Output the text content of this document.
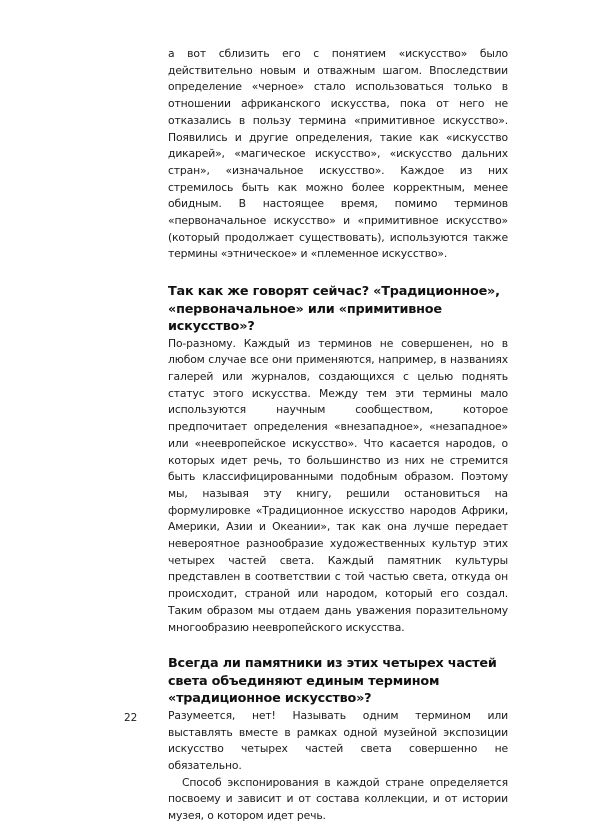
а вот сблизить его с понятием «искусство» было действительно новым и отважным шагом. Впоследствии определение «черное» стало использоваться только в отношении африканского искусства, пока от него не отказались в пользу термина «примитивное искусство». Появились и другие определения, такие как «искусство дикарей», «магическое искусство», «искусство дальних стран», «изначальное искусство». Каждое из них стремилось быть как можно более корректным, менее обидным. В настоящее время, помимо терминов «первоначальное искусство» и «примитивное искусство» (который продолжает существовать), используются также термины «этническое» и «племенное искусство».

Так как же говорят сейчас? «Традиционное», «первоначальное» или «примитивное искусство»?

По-разному. Каждый из терминов не совершенен, но в любом случае все они применяются, например, в названиях галерей или журналов, создающихся с целью поднять статус этого искусства. Между тем эти термины мало используются научным сообществом, которое предпочитает определения «внезападное», «незападное» или «неевропейское искусство». Что касается народов, о которых идет речь, то большинство из них не стремится быть классифицированными подобным образом. Поэтому мы, называя эту книгу, решили остановиться на формулировке «Традиционное искусство народов Африки, Америки, Азии и Океании», так как она лучше передает невероятное разнообразие художественных культур этих четырех частей света. Каждый памятник культуры представлен в соответствии с той частью света, откуда он происходит, страной или народом, который его создал. Таким образом мы отдаем дань уважения поразительному многообразию неевропейского искусства.

Всегда ли памятники из этих четырех частей света объединяют единым термином «традиционное искусство»?

Разумеется, нет! Называть одним термином или выставлять вместе в рамках одной музейной экспозиции искусство четырех частей света совершенно не обязательно.

Способ экспонирования в каждой стране определяется посвоему и зависит и от состава коллекции, и от истории музея, о котором идет речь.

22
